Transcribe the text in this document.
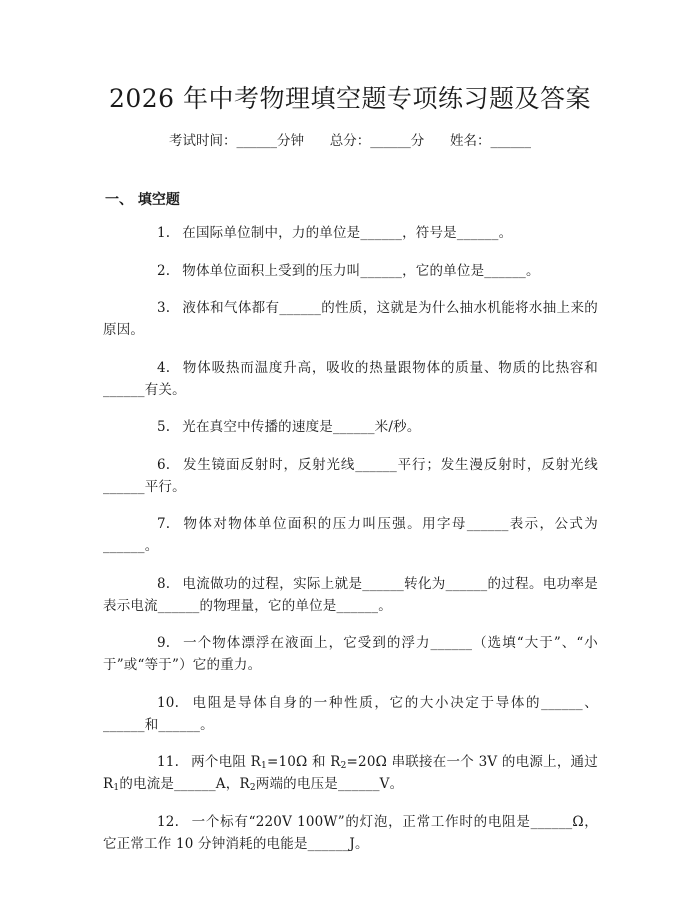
2026 年中考物理填空题专项练习题及答案
考试时间：______分钟      总分：______分      姓名：______
一、 填空题

1. 在国际单位制中，力的单位是______，符号是______。

2. 物体单位面积上受到的压力叫______，它的单位是______。

3. 液体和气体都有______的性质，这就是为什么抽水机能将水抽上来的原因。

4. 物体吸热而温度升高，吸收的热量跟物体的质量、物质的比热容和______有关。

5. 光在真空中传播的速度是______米/秒。

6. 发生镜面反射时，反射光线______平行；发生漫反射时，反射光线______平行。

7. 物体对物体单位面积的压力叫压强。用字母______表示，公式为______。

8. 电流做功的过程，实际上就是______转化为______的过程。电功率是表示电流______的物理量，它的单位是______。

9. 一个物体漂浮在液面上，它受到的浮力______（选填“大于”、“小于”或“等于”）它的重力。

10. 电阻是导体自身的一种性质，它的大小决定于导体的______、______和______。

11. 两个电阻 $R_1=10\Omega$ 和 $R_2=20\Omega$ 串联接在一个 3V 的电源上，通过 $R_1$的电流是______A，$R_2$两端的电压是______V。

12. 一个标有“220V 100W”的灯泡，正常工作时的电阻是______Ω，它正常工作 10 分钟消耗的电能是______J。
